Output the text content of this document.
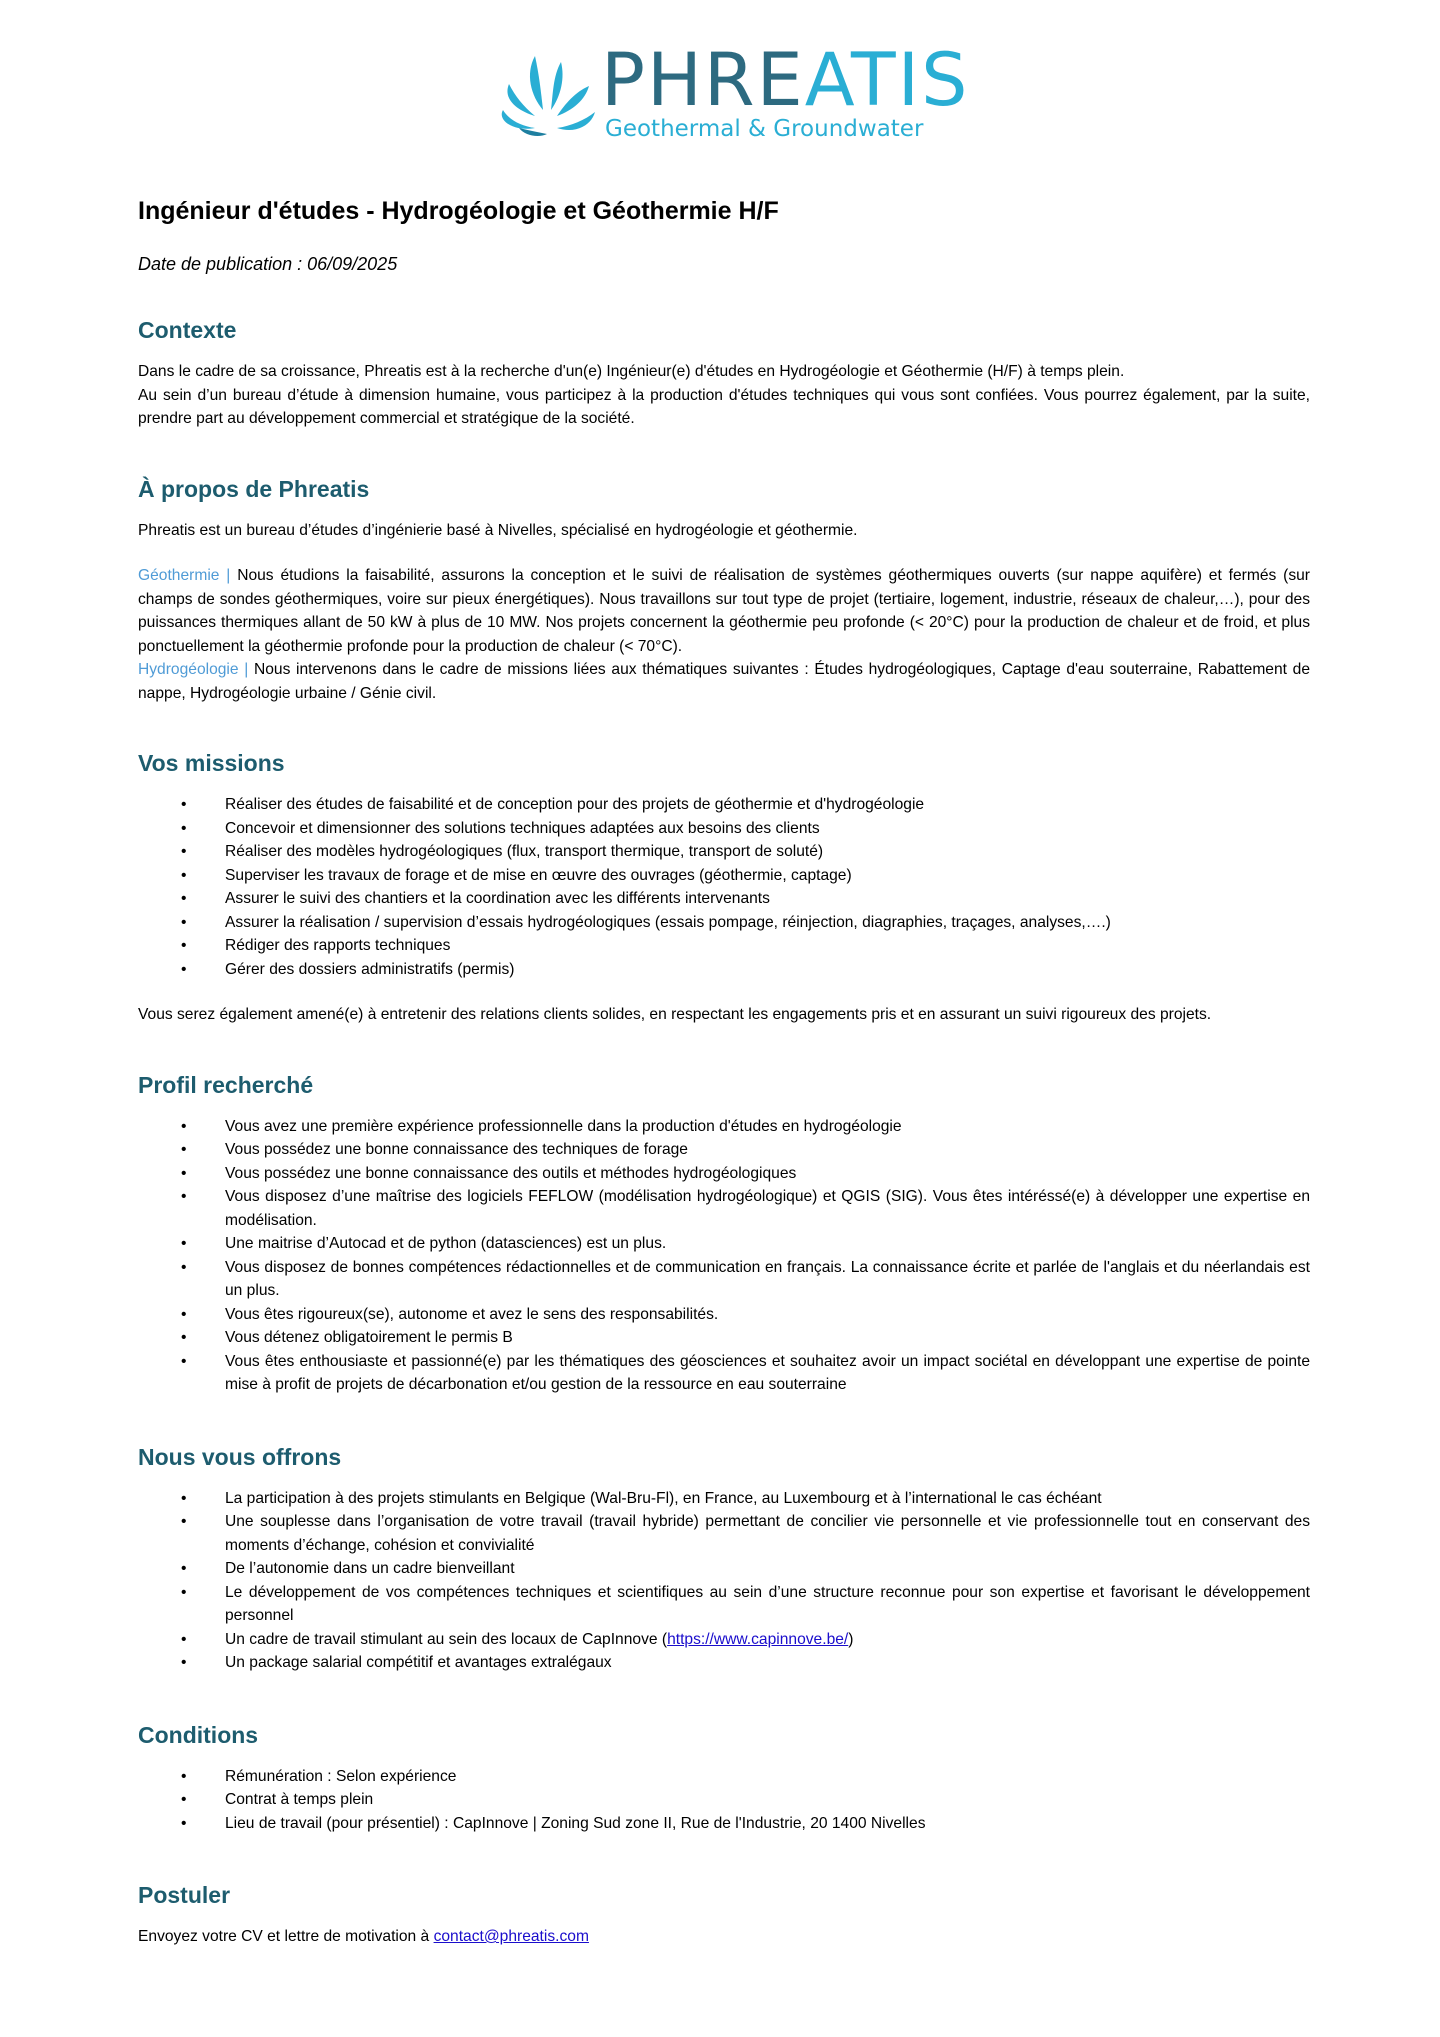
PHREATIS
Geothermal & Groundwater
Ingénieur d'études - Hydrogéologie et Géothermie H/F

Date de publication : 06/09/2025

Contexte

Dans le cadre de sa croissance, Phreatis est à la recherche d'un(e) Ingénieur(e) d'études en Hydrogéologie et Géothermie (H/F) à temps plein.

Au sein d’un bureau d’étude à dimension humaine, vous participez à la production d'études techniques qui vous sont confiées. Vous pourrez également, par la suite, prendre part au développement commercial et stratégique de la société.

À propos de Phreatis

Phreatis est un bureau d’études d’ingénierie basé à Nivelles, spécialisé en hydrogéologie et géothermie.

Géothermie | Nous étudions la faisabilité, assurons la conception et le suivi de réalisation de systèmes géothermiques ouverts (sur nappe aquifère) et fermés (sur champs de sondes géothermiques, voire sur pieux énergétiques). Nous travaillons sur tout type de projet (tertiaire, logement, industrie, réseaux de chaleur,…), pour des puissances thermiques allant de 50 kW à plus de 10 MW. Nos projets concernent la géothermie peu profonde (< 20°C) pour la production de chaleur et de froid, et plus ponctuellement la géothermie profonde pour la production de chaleur (< 70°C).

Hydrogéologie | Nous intervenons dans le cadre de missions liées aux thématiques suivantes : Études hydrogéologiques, Captage d'eau souterraine, Rabattement de nappe, Hydrogéologie urbaine / Génie civil.

Vos missions
• Réaliser des études de faisabilité et de conception pour des projets de géothermie et d'hydrogéologie
• Concevoir et dimensionner des solutions techniques adaptées aux besoins des clients
• Réaliser des modèles hydrogéologiques (flux, transport thermique, transport de soluté)
• Superviser les travaux de forage et de mise en œuvre des ouvrages (géothermie, captage)
• Assurer le suivi des chantiers et la coordination avec les différents intervenants
• Assurer la réalisation / supervision d’essais hydrogéologiques (essais pompage, réinjection, diagraphies, traçages, analyses,….)
• Rédiger des rapports techniques
• Gérer des dossiers administratifs (permis)

Vous serez également amené(e) à entretenir des relations clients solides, en respectant les engagements pris et en assurant un suivi rigoureux des projets.

Profil recherché
• Vous avez une première expérience professionnelle dans la production d'études en hydrogéologie
• Vous possédez une bonne connaissance des techniques de forage
• Vous possédez une bonne connaissance des outils et méthodes hydrogéologiques
• Vous disposez d’une maîtrise des logiciels FEFLOW (modélisation hydrogéologique) et QGIS (SIG). Vous êtes intéréssé(e) à développer une expertise en modélisation.
• Une maitrise d’Autocad et de python (datasciences) est un plus.
• Vous disposez de bonnes compétences rédactionnelles et de communication en français. La connaissance écrite et parlée de l'anglais et du néerlandais est un plus.
• Vous êtes rigoureux(se), autonome et avez le sens des responsabilités.
• Vous détenez obligatoirement le permis B
• Vous êtes enthousiaste et passionné(e) par les thématiques des géosciences et souhaitez avoir un impact sociétal en développant une expertise de pointe mise à profit de projets de décarbonation et/ou gestion de la ressource en eau souterraine
Nous vous offrons
• La participation à des projets stimulants en Belgique (Wal-Bru-Fl), en France, au Luxembourg et à l’international le cas échéant
• Une souplesse dans l’organisation de votre travail (travail hybride) permettant de concilier vie personnelle et vie professionnelle tout en conservant des moments d’échange, cohésion et convivialité
• De l’autonomie dans un cadre bienveillant
• Le développement de vos compétences techniques et scientifiques au sein d’une structure reconnue pour son expertise et favorisant le développement personnel
• Un cadre de travail stimulant au sein des locaux de CapInnove (https://www.capinnove.be/)
• Un package salarial compétitif et avantages extralégaux
Conditions
• Rémunération : Selon expérience
• Contrat à temps plein
• Lieu de travail (pour présentiel) : CapInnove | Zoning Sud zone II, Rue de l'Industrie, 20 1400 Nivelles
Postuler

Envoyez votre CV et lettre de motivation à contact@phreatis.com
